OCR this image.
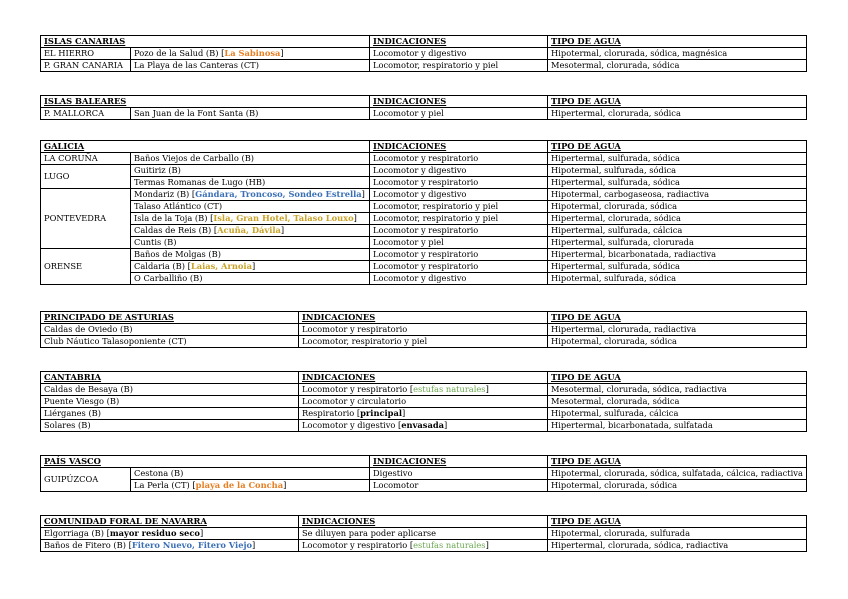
ISLAS CANARIAS		INDICACIONES	TIPO DE AGUA
EL HIERRO	Pozo de la Salud (B) [La Sabinosa]	Locomotor y digestivo	Hipotermal, clorurada, sódica, magnésica
P. GRAN CANARIA	La Playa de las Canteras (CT)	Locomotor, respiratorio y piel	Mesotermal, clorurada, sódica
ISLAS BALEARES		INDICACIONES	TIPO DE AGUA
P. MALLORCA	San Juan de la Font Santa (B)	Locomotor y piel	Hipertermal, clorurada, sódica
GALICIA		INDICACIONES	TIPO DE AGUA
LA CORUÑA	Baños Viejos de Carballo (B)	Locomotor y respiratorio	Hipertermal, sulfurada, sódica
LUGO	Guitiriz (B)	Locomotor y digestivo	Hipotermal, sulfurada, sódica
	Termas Romanas de Lugo (HB)	Locomotor y respiratorio	Hipertermal, sulfurada, sódica
PONTEVEDRA	Mondariz (B) [Gándara, Troncoso, Sondeo Estrella]	Locomotor y digestivo	Hipotermal, carbogaseosa, radiactiva
	Talaso Atlántico (CT)	Locomotor, respiratorio y piel	Hipotermal, clorurada, sódica
	Isla de la Toja (B) [Isla, Gran Hotel, Talaso Louxo]	Locomotor, respiratorio y piel	Hipertermal, clorurada, sódica
	Caldas de Reis (B) [Acuña, Dávila]	Locomotor y respiratorio	Hipertermal, sulfurada, cálcica
	Cuntis (B)	Locomotor y piel	Hipertermal, sulfurada, clorurada
ORENSE	Baños de Molgas (B)	Locomotor y respiratorio	Hipertermal, bicarbonatada, radiactiva
	Caldaria (B) [Laias, Arnoia]	Locomotor y respiratorio	Hipertermal, sulfurada, sódica
	O Carballiño (B)	Locomotor y digestivo	Hipotermal, sulfurada, sódica
PRINCIPADO DE ASTURIAS	INDICACIONES	TIPO DE AGUA
Caldas de Oviedo (B)	Locomotor y respiratorio	Hipertermal, clorurada, radiactiva
Club Náutico Talasoponiente (CT)	Locomotor, respiratorio y piel	Hipotermal, clorurada, sódica
CANTABRIA	INDICACIONES	TIPO DE AGUA
Caldas de Besaya (B)	Locomotor y respiratorio [estufas naturales]	Mesotermal, clorurada, sódica, radiactiva
Puente Viesgo (B)	Locomotor y circulatorio	Mesotermal, clorurada, sódica
Liérganes (B)	Respiratorio [principal]	Hipotermal, sulfurada, cálcica
Solares (B)	Locomotor y digestivo [envasada]	Hipertermal, bicarbonatada, sulfatada
PAÍS VASCO		INDICACIONES	TIPO DE AGUA
GUIPÚZCOA	Cestona (B)	Digestivo	Hipotermal, clorurada, sódica, sulfatada, cálcica, radiactiva
	La Perla (CT) [playa de la Concha]	Locomotor	Hipotermal, clorurada, sódica
COMUNIDAD FORAL DE NAVARRA	INDICACIONES	TIPO DE AGUA
Elgorriaga (B) [mayor residuo seco]	Se diluyen para poder aplicarse	Hipotermal, clorurada, sulfurada
Baños de Fitero (B) [Fitero Nuevo, Fitero Viejo]	Locomotor y respiratorio [estufas naturales]	Hipertermal, clorurada, sódica, radiactiva
